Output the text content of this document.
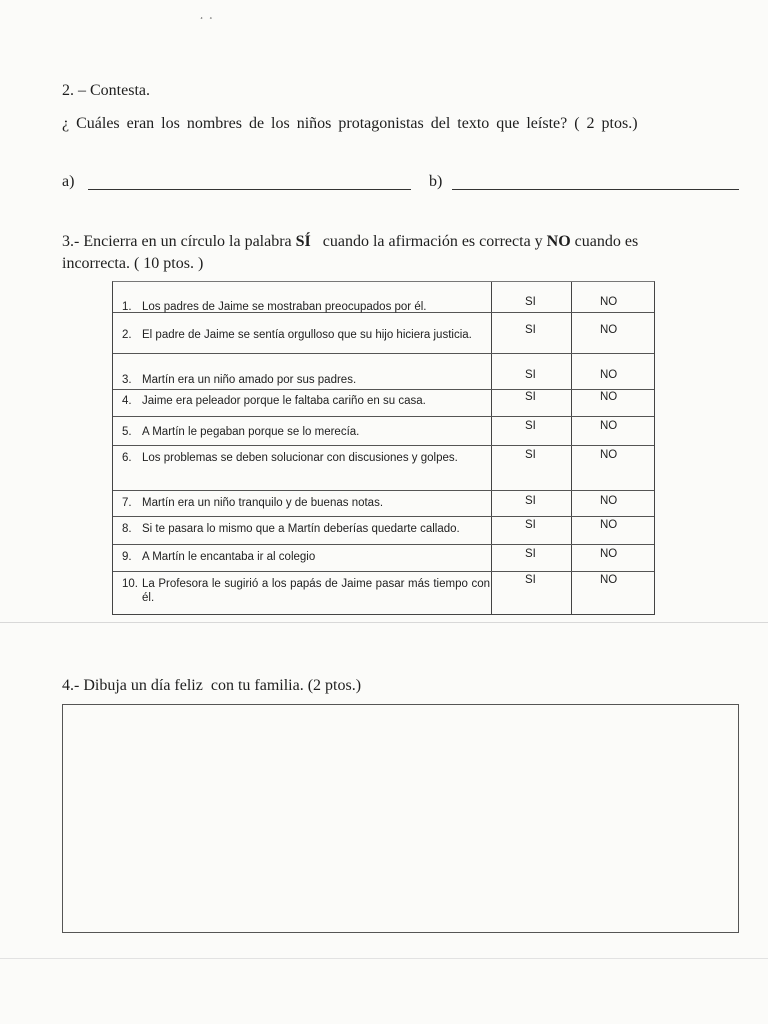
¸ ¸
2. – Contesta.
¿ Cuáles eran los nombres de los niños protagonistas del texto que leíste? ( 2 ptos.)
a)	b)
3.- Encierra en un círculo la palabra SÍ   cuando la afirmación es correcta y NO cuando es
incorrecta. ( 10 ptos. )
1. Los padres de Jaime se mostraban preocupados por él.	SI	NO
2. El padre de Jaime se sentía orgulloso que su hijo hiciera justicia.	SI	NO
3. Martín era un niño amado por sus padres.	SI	NO
4. Jaime era peleador porque le faltaba cariño en su casa.	SI	NO
5. A Martín le pegaban porque se lo merecía.	SI	NO
6. Los problemas se deben solucionar con discusiones y golpes.	SI	NO
7. Martín era un niño tranquilo y de buenas notas.	SI	NO
8. Si te pasara lo mismo que a Martín deberías quedarte callado.	SI	NO
9. A Martín le encantaba ir al colegio	SI	NO
10. La Profesora le sugirió a los papás de Jaime pasar más tiempo con él.
SI	NO
4.- Dibuja un día feliz  con tu familia. (2 ptos.)
